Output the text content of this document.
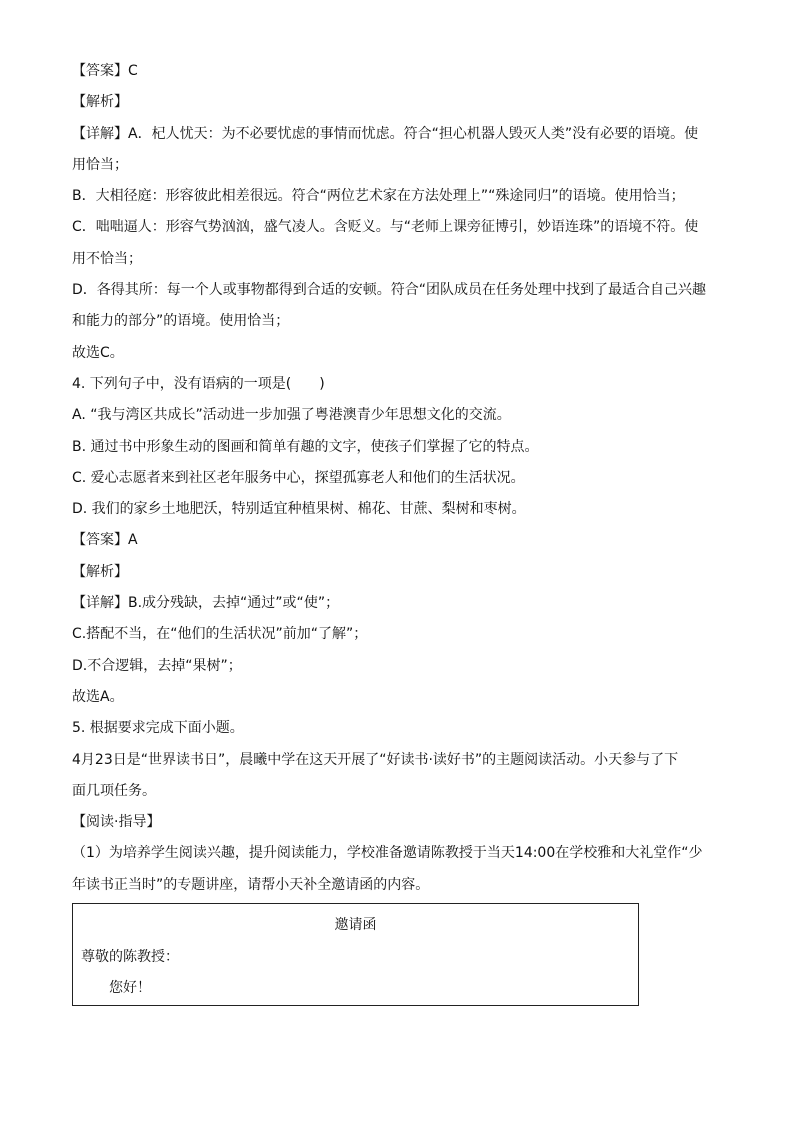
【答案】C
【解析】
【详解】A．杞人忧天：为不必要忧虑的事情而忧虑。符合“担心机器人毁灭人类”没有必要的语境。使
用恰当；
B．大相径庭：形容彼此相差很远。符合“两位艺术家在方法处理上”“殊途同归”的语境。使用恰当；
C．咄咄逼人：形容气势汹汹，盛气凌人。含贬义。与“老师上课旁征博引，妙语连珠”的语境不符。使
用不恰当；
D．各得其所：每一个人或事物都得到合适的安顿。符合“团队成员在任务处理中找到了最适合自己兴趣
和能力的部分”的语境。使用恰当；
故选C。
4. 下列句子中，没有语病的一项是(　　)
A. “我与湾区共成长”活动进一步加强了粤港澳青少年思想文化的交流。
B. 通过书中形象生动的图画和简单有趣的文字，使孩子们掌握了它的特点。
C. 爱心志愿者来到社区老年服务中心，探望孤寡老人和他们的生活状况。
D. 我们的家乡土地肥沃，特别适宜种植果树、棉花、甘蔗、梨树和枣树。
【答案】A
【解析】
【详解】B.成分残缺，去掉“通过”或“使”；
C.搭配不当，在“他们的生活状况”前加“了解”；
D.不合逻辑，去掉“果树”；
故选A。
5. 根据要求完成下面小题。
4月23日是“世界读书日”，晨曦中学在这天开展了“好读书·读好书”的主题阅读活动。小天参与了下
面几项任务。
【阅读·指导】
（1）为培养学生阅读兴趣，提升阅读能力，学校准备邀请陈教授于当天14:00在学校雅和大礼堂作“少
年读书正当时”的专题讲座，请帮小天补全邀请函的内容。
邀请函
尊敬的陈教授：
您好！
